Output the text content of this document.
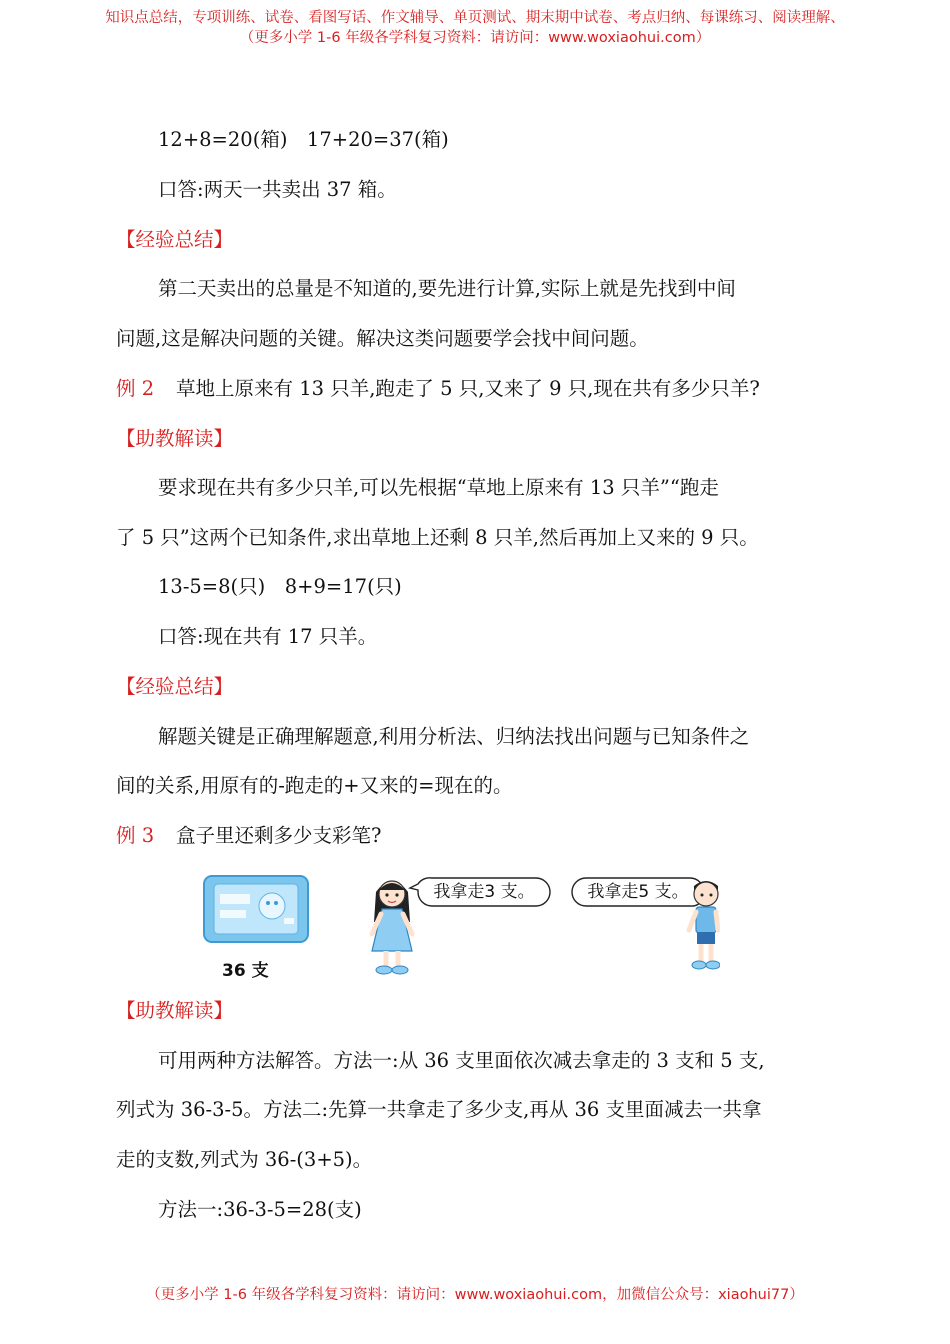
知识点总结，专项训练、试卷、看图写话、作文辅导、单页测试、期末期中试卷、考点归纳、每课练习、阅读理解、
（更多小学 1-6 年级各学科复习资料：请访问：www.woxiaohui.com）
12+8=20(箱)　17+20=37(箱)
口答:两天一共卖出 37 箱。
【经验总结】
第二天卖出的总量是不知道的,要先进行计算,实际上就是先找到中间
问题,这是解决问题的关键。解决这类问题要学会找中间问题。
例 2 草地上原来有 13 只羊,跑走了 5 只,又来了 9 只,现在共有多少只羊?
【助教解读】
要求现在共有多少只羊,可以先根据“草地上原来有 13 只羊”“跑走
了 5 只”这两个已知条件,求出草地上还剩 8 只羊,然后再加上又来的 9 只。
13-5=8(只)　8+9=17(只)
口答:现在共有 17 只羊。
【经验总结】
解题关键是正确理解题意,利用分析法、归纳法找出问题与已知条件之
间的关系,用原有的-跑走的+又来的=现在的。
例 3 盒子里还剩多少支彩笔?
36 支
我拿走3 支。	我拿走5 支。
【助教解读】
可用两种方法解答。方法一:从 36 支里面依次减去拿走的 3 支和 5 支,
列式为 36-3-5。方法二:先算一共拿走了多少支,再从 36 支里面减去一共拿
走的支数,列式为 36-(3+5)。
方法一:36-3-5=28(支)
（更多小学 1-6 年级各学科复习资料：请访问：www.woxiaohui.com，加微信公众号：xiaohui77）
